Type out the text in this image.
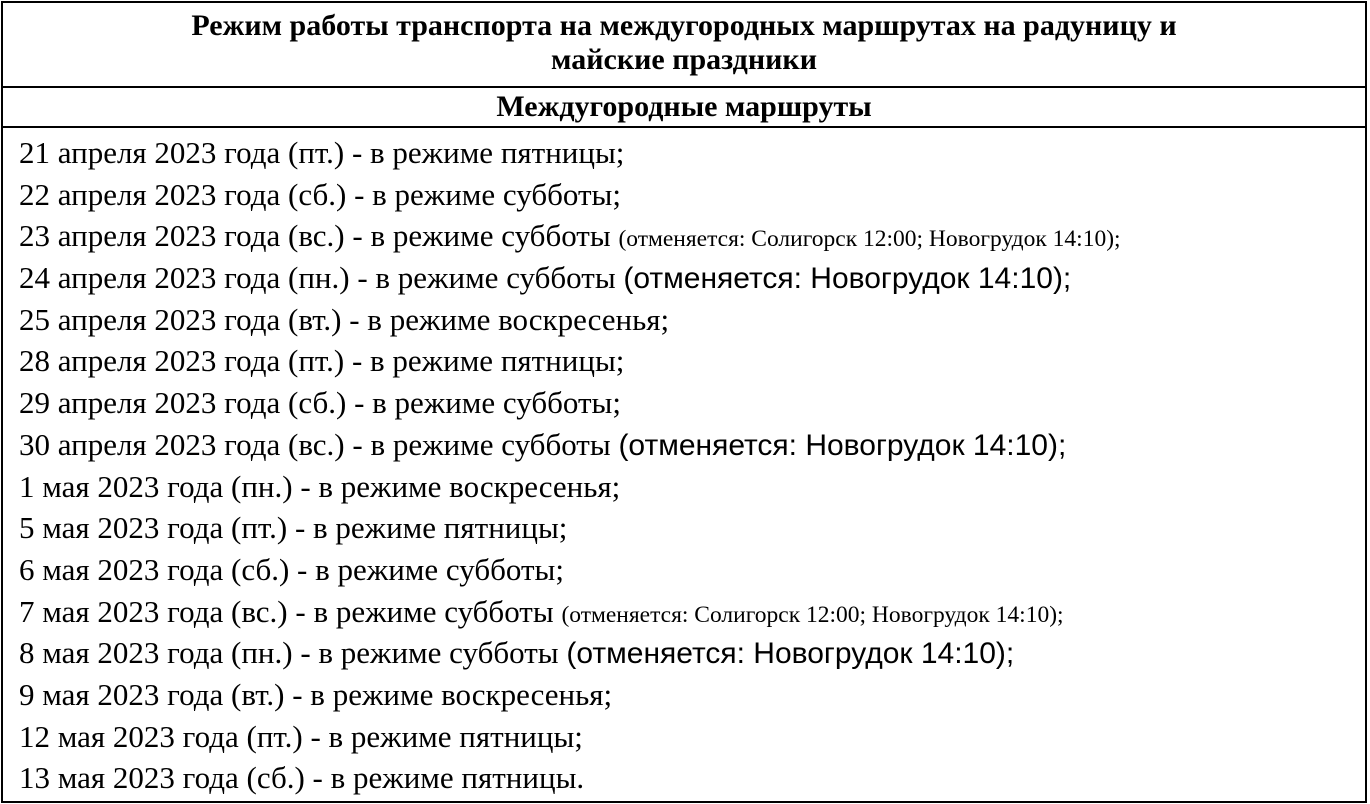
Режим работы транспорта на междугородных маршрутах на радуницу и
майские праздники
Междугородные маршруты
21 апреля 2023 года (пт.) - в режиме пятницы;
22 апреля 2023 года (сб.) - в режиме субботы;
23 апреля 2023 года (вс.) - в режиме субботы (отменяется: Солигорск 12:00; Новогрудок 14:10);
24 апреля 2023 года (пн.) - в режиме субботы (отменяется: Новогрудок 14:10);
25 апреля 2023 года (вт.) - в режиме воскресенья;
28 апреля 2023 года (пт.) - в режиме пятницы;
29 апреля 2023 года (сб.) - в режиме субботы;
30 апреля 2023 года (вс.) - в режиме субботы (отменяется: Новогрудок 14:10);
1 мая 2023 года (пн.) - в режиме воскресенья;
5 мая 2023 года (пт.) - в режиме пятницы;
6 мая 2023 года (сб.) - в режиме субботы;
7 мая 2023 года (вс.) - в режиме субботы (отменяется: Солигорск 12:00; Новогрудок 14:10);
8 мая 2023 года (пн.) - в режиме субботы (отменяется: Новогрудок 14:10);
9 мая 2023 года (вт.) - в режиме воскресенья;
12 мая 2023 года (пт.) - в режиме пятницы;
13 мая 2023 года (сб.) - в режиме пятницы.
